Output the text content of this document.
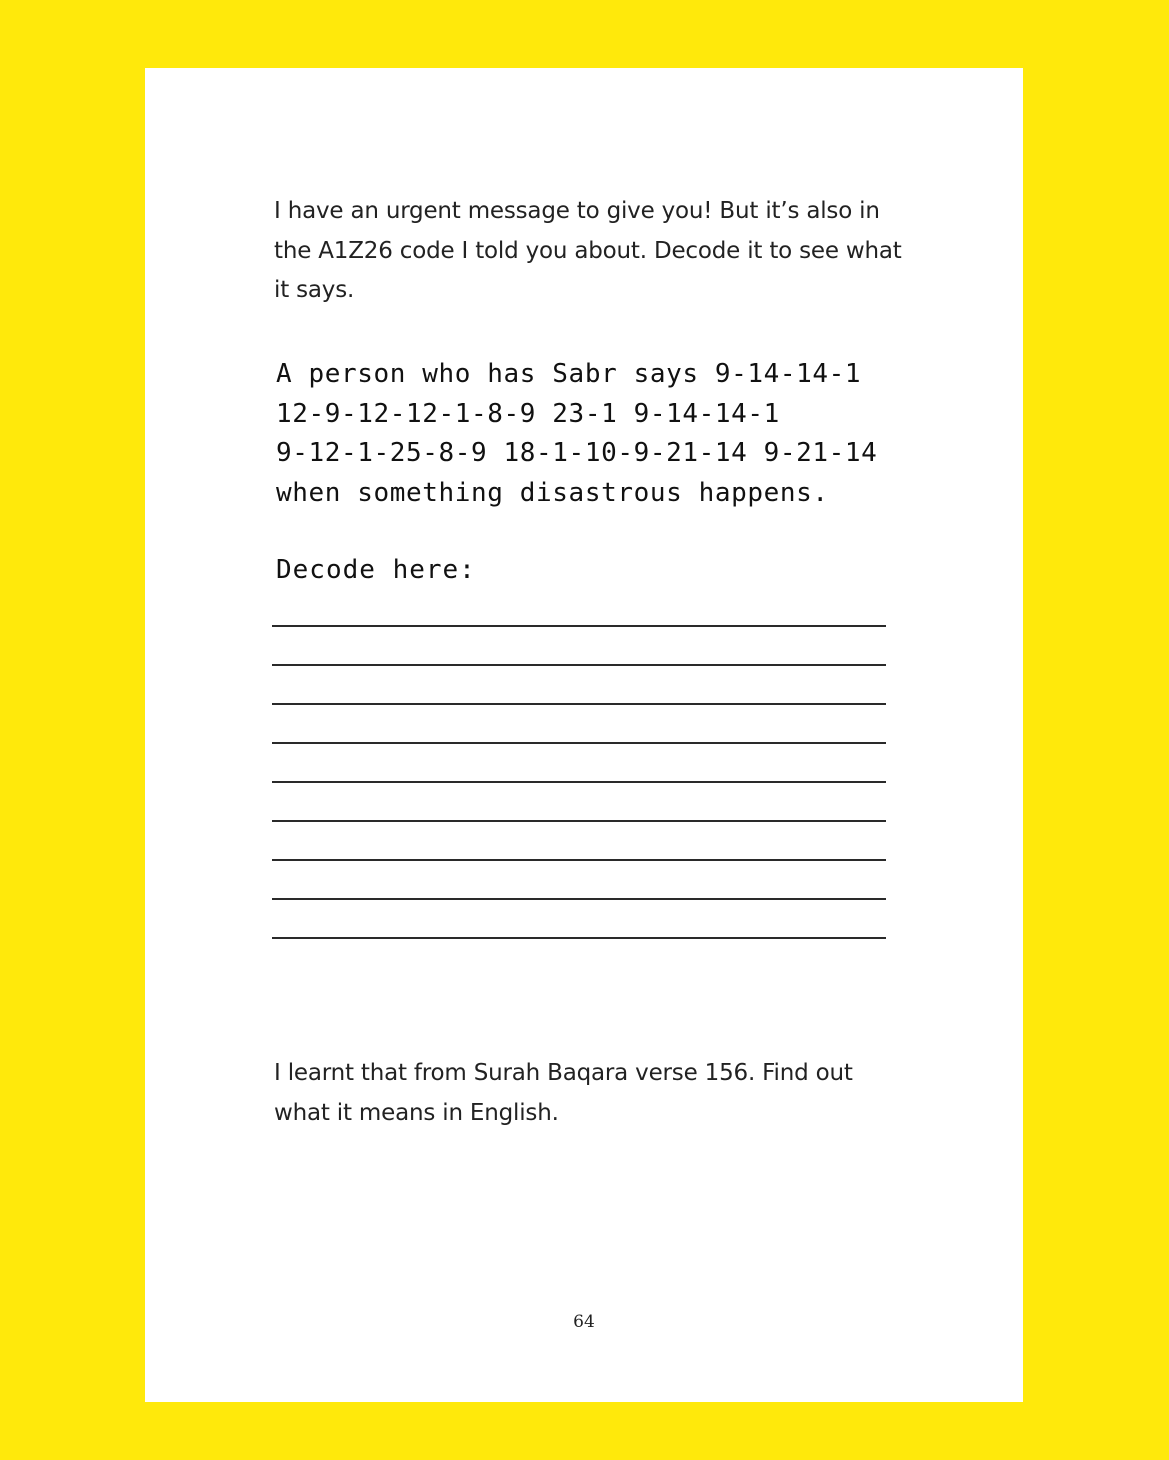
I have an urgent message to give you! But it’s also in the A1Z26 code I told you about. Decode it to see what it says.

A person who has Sabr says 9-14-14-1
12-9-12-12-1-8-9 23-1 9-14-14-1
9-12-1-25-8-9 18-1-10-9-21-14 9-21-14
when something disastrous happens.

Decode here:

I learnt that from Surah Baqara verse 156. Find out what it means in English.

64
